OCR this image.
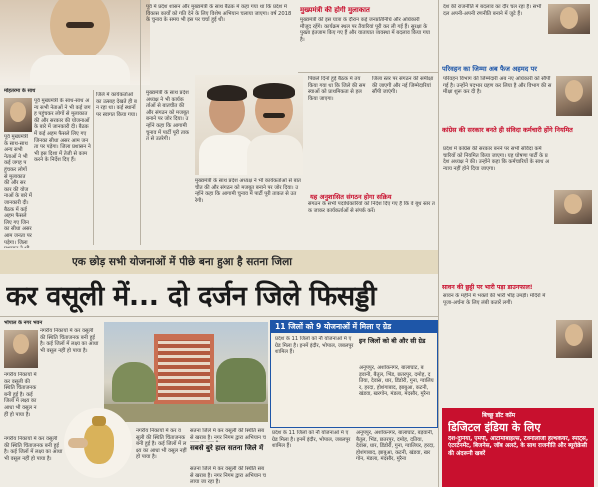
मोहतरमा के साथ
पूर्व मुख्यमंत्री के साथ-साथ अन्य सभी नेताओं ने भी कई जगह पहुंचकर लोगों से मुलाकात की और सरकार की योजनाओं के बारे में जानकारी दी। बैठक में कई अहम फैसले लिए गए जिनका सीधा असर आम जनता पर पड़ेगा। जिला प्रशासन ने भी इस दिशा में तेजी से काम करने के निर्देश दिए हैं।
पूर्व मुख्यमंत्री के साथ-साथ अन्य सभी नेताओं ने भी कई जगह पहुंचकर लोगों से मुलाकात की और सरकार की योजनाओं के बारे में जानकारी दी। बैठक में कई अहम फैसले लिए गए जिनका सीधा असर आम जनता पर पड़ेगा। जिला
जिले में कार्यकर्ताओं का उत्साह देखते ही बन रहा था। कई स्थानों पर स्वागत किया गया।
पूर्व में प्रदेश शासन और मुख्यमंत्री के साथ बैठक में कहा गया था कि प्रदेश में विकास कार्यों को गति देने के लिए विशेष अभियान चलाया जाएगा। वर्ष 2018 के चुनाव के समय भी इस पर चर्चा हुई थी।
मुख्यमंत्री के साथ प्रदेश अध्यक्ष ने भी कार्यकर्ताओं से बातचीत की और संगठन को मजबूत बनाने पर जोर दिया। उन्होंने कहा कि आगामी चुनाव में पार्टी पूरी ताकत से उतरेगी।
मुख्यमंत्री के साथ प्रदेश अध्यक्ष ने भी कार्यकर्ताओं से बातचीत की और संगठन को मजबूत बनाने पर जोर दिया। उन्होंने कहा कि आगामी चुनाव में पार्टी पूरी ताकत से उतरेगी।
मुख्यमंत्री की होगी मुलाकात
मुख्यमंत्री की इस यात्रा के दौरान कई जनप्रतिनिधि और अधिकारी मौजूद रहेंगे। कार्यक्रम स्थल पर तैयारियां पूरी कर ली गई हैं। सुरक्षा के पुख्ता इंतजाम किए गए हैं और यातायात व्यवस्था में बदलाव किया गया है।
पिछले दिनों हुई बैठक में तय किया गया था कि जिले की समस्याओं को प्राथमिकता से हल किया जाएगा।
जिला स्तर पर संगठन की समीक्षा की जाएगी और नई जिम्मेदारियां सौंपी जाएंगी।
यह अनुशासित संगठन होगा सक्रिय
संगठन के सभी पदाधिकारियों को निर्देश दिए गए हैं कि वे बूथ स्तर तक जाकर कार्यकर्ताओं से संपर्क करें।
देश की राजनीति में बदलाव का दौर चल रहा है। सभी दल अपनी-अपनी रणनीति बनाने में जुटे हैं।
परिवहन का जिम्मा अब फैज अहमद पर
परिवहन विभाग की जिम्मेदारी अब नए अधिकारी को सौंपी गई है। उन्होंने पदभार ग्रहण कर लिया है और विभाग की समीक्षा शुरू कर दी है।
कांग्रेस की सरकार बनते ही संविदा कर्मचारी होंगे नियमित
प्रदेश में कांग्रेस की सरकार बनने पर सभी संविदा कर्मचारियों को नियमित किया जाएगा। यह घोषणा पार्टी के प्रदेश अध्यक्ष ने की। उन्होंने कहा कि कर्मचारियों के साथ अन्याय नहीं होने दिया जाएगा।
सावन की छुट्टी पर भारी पड़ा डाउनफाल!
सावन के महीने में भक्तों की भारी भीड़ उमड़ी। मंदिरों में पूजा-अर्चना के लिए लंबी कतारें लगीं।
बिच्छू डॉट कॉम
डिजिटल इंडिया के लिए
देश-दुनिया, एमपी, ऑटोमोबाइल्स, टेक्नोलॉजी हेल्थकेयर, स्पोर्ट्स, एंटरटेनमेंट, बिजनेस, जॉब अलर्ट, के साथ राजनीति और ब्यूरोक्रेसी की अंदरूनी खबरें
एक छोड़ सभी योजनाओं में पीछे बना हुआ है सतना जिला
कर वसूली में... दो दर्जन जिले फिसड्डी
भोपाल के नगर भवन
नगरीय निकायों में कर वसूली की स्थिति चिंताजनक बनी हुई है। कई जिलों में लक्ष्य का आधा भी वसूल नहीं हो पाया है।
नगरीय निकायों में कर वसूली की स्थिति चिंताजनक बनी हुई है। कई जिलों में लक्ष्य का आधा भी वसूल नहीं हो पाया है।
11 जिलों को 9 योजनाओं में मिला ए ग्रेड
प्रदेश के 11 जिलों को नौ योजनाओं में ए ग्रेड मिला है। इनमें इंदौर, भोपाल, जबलपुर शामिल हैं।
इन जिलों को बी और सी ग्रेड
अनूपपुर, अशोकनगर, बालाघाट, बड़वानी, बैतूल, भिंड, छतरपुर, दमोह, दतिया, देवास, धार, डिंडोरी, गुना, ग्वालियर, हरदा, होशंगाबाद, झाबुआ, कटनी, खंडवा, खरगोन, मंडला, मंदसौर, मुरैना
नगरीय निकायों में कर वसूली की स्थिति चिंताजनक बनी हुई है। कई जिलों में लक्ष्य का आधा भी वसूल नहीं हो पाया है।
नगरीय निकायों में कर वसूली की स्थिति चिंताजनक बनी हुई है। कई जिलों में लक्ष्य का आधा भी वसूल नहीं हो पाया है।
सतना जिले में कर वसूली की स्थिति सबसे खराब है। नगर निगम द्वारा अभियान च
सबसे बुरे हाल सतना जिले में
सतना जिले में कर वसूली की स्थिति सबसे खराब है। नगर निगम द्वारा अभियान चलाया जा रहा है।
प्रदेश के 11 जिलों को नौ योजनाओं में ए ग्रेड मिला है। इनमें इंदौर, भोपाल, जबलपुर शामिल हैं।
अनूपपुर, अशोकनगर, बालाघाट, बड़वानी, बैतूल, भिंड, छतरपुर, दमोह, दतिया, देवास, धार, डिंडोरी, गुना, ग्वालियर, हरदा, होशंगाबाद, झाबुआ, कटनी, खंडवा, खरगोन, मंडला, मंदसौर, मुरैना
